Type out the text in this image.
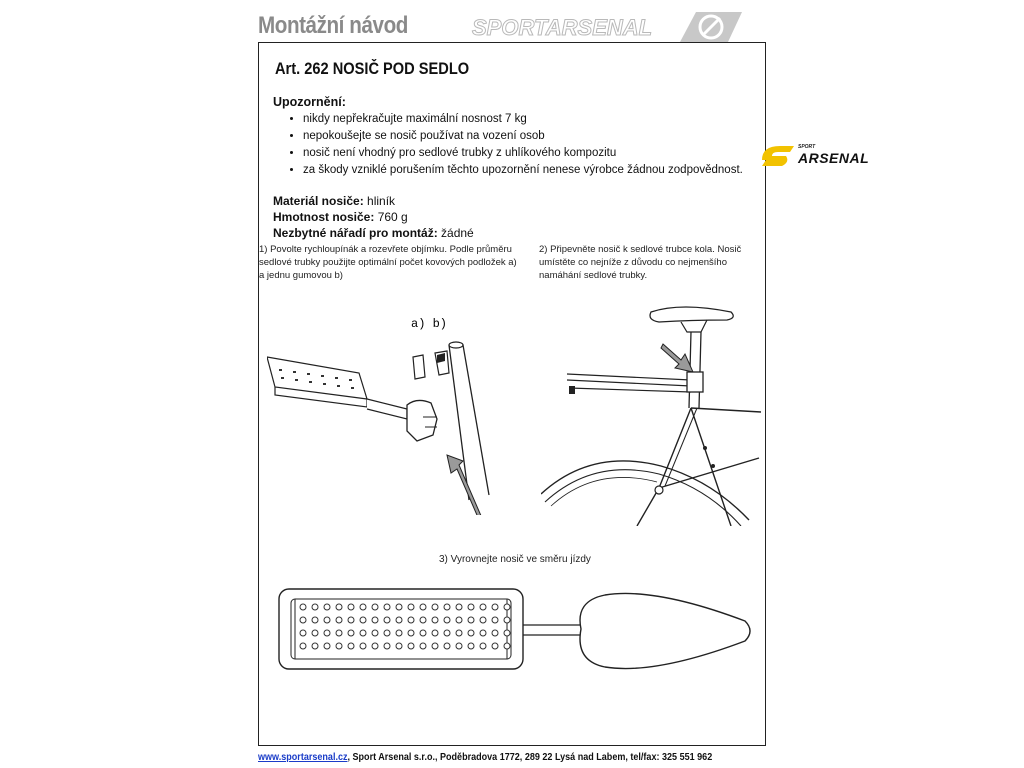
Montážní návod	SPORTARSENAL
Art. 262 NOSIČ POD SEDLO
Upozornění:
• nikdy nepřekračujte maximální nosnost 7 kg
• nepokoušejte se nosič používat na vození osob
• nosič není vhodný pro sedlové trubky z uhlíkového kompozitu
• za škody vzniklé porušením těchto upozornění nenese výrobce žádnou zodpovědnost.
Materiál nosiče: hliník
Hmotnost nosiče: 760 g
Nezbytné nářadí pro montáž: žádné
1) Povolte rychloupínák a rozevřete objímku. Podle průměru sedlové trubky použijte optimální počet kovových podložek a) a jednu gumovou b)
2) Připevněte nosič k sedlové trubce kola. Nosič umístěte co nejníže z důvodu co nejmenšího namáhání sedlové trubky.
a) b)
3) Vyrovnejte nosič ve směru jízdy
SPORT
ARSENAL
www.sportarsenal.cz, Sport Arsenal s.r.o., Poděbradova 1772, 289 22 Lysá nad Labem, tel/fax: 325 551 962
